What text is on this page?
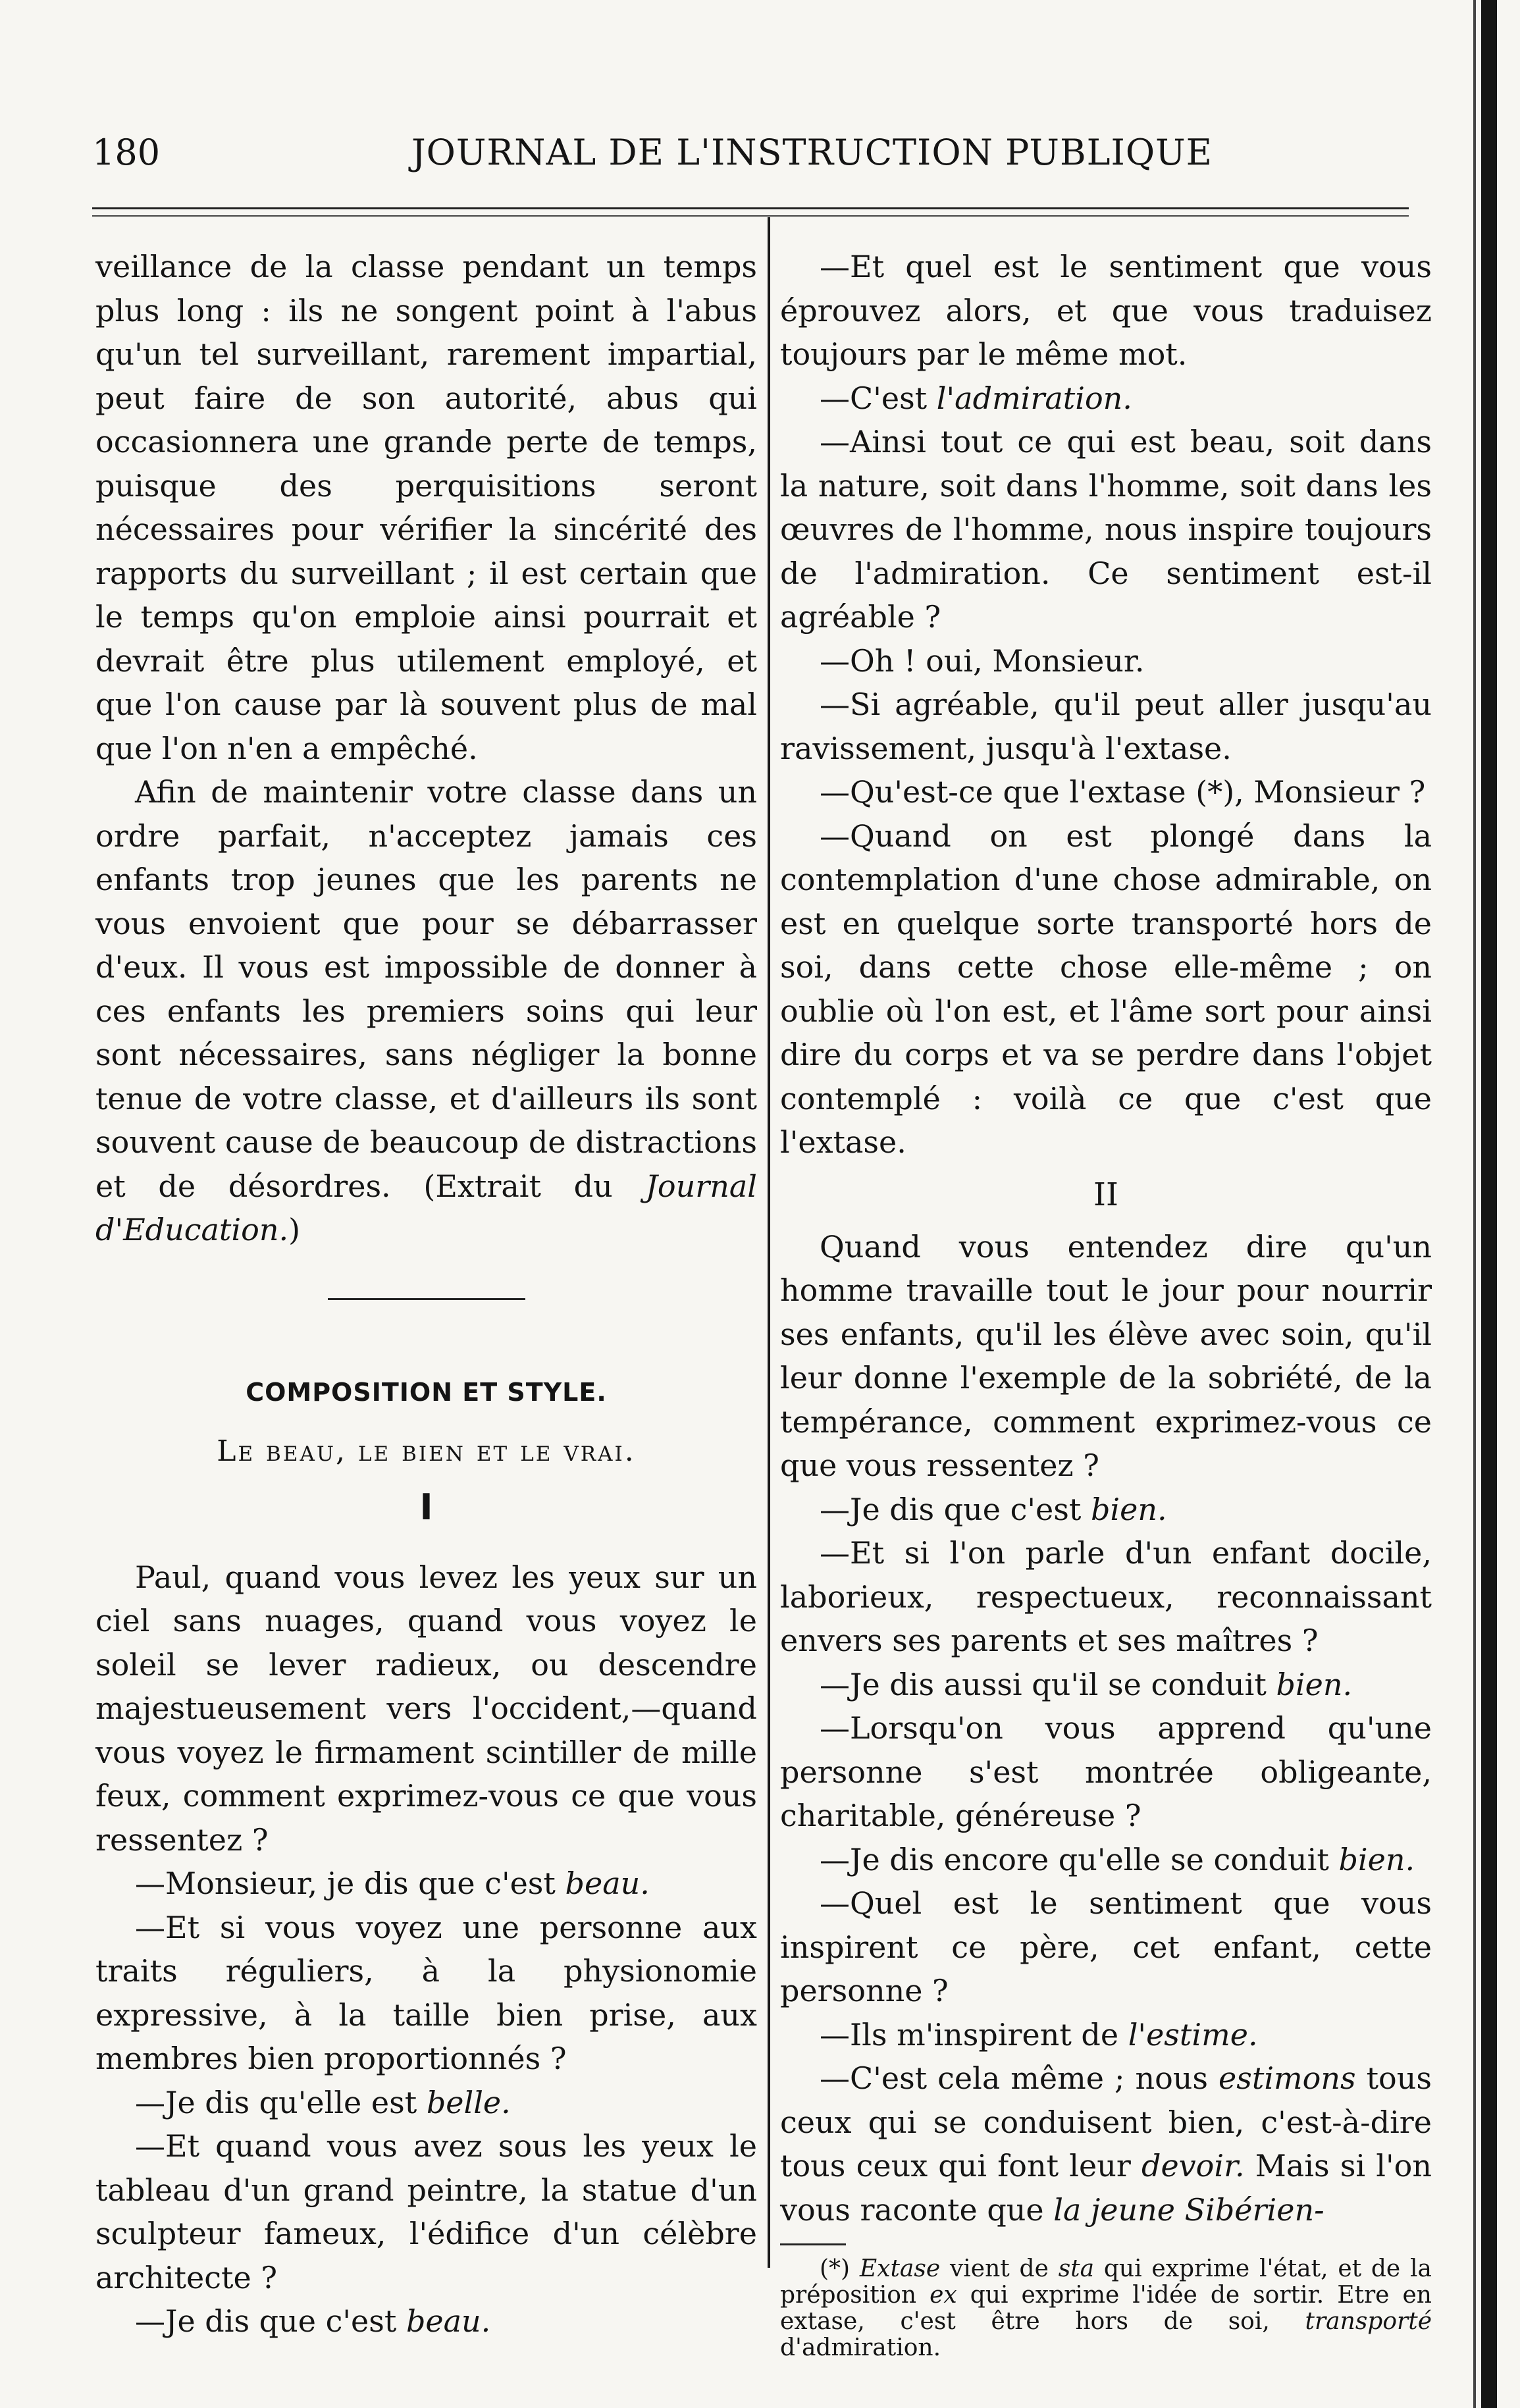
180	JOURNAL DE L'INSTRUCTION PUBLIQUE

veillance de la classe pendant un temps plus long : ils ne songent point à l'abus qu'un tel surveillant, rarement impartial, peut faire de son autorité, abus qui occasionnera une grande perte de temps, puisque des perquisitions seront nécessaires pour vérifier la sincérité des rapports du surveillant ; il est certain que le temps qu'on emploie ainsi pourrait et devrait être plus utilement employé, et que l'on cause par là souvent plus de mal que l'on n'en a empêché.

Afin de maintenir votre classe dans un ordre parfait, n'acceptez jamais ces enfants trop jeunes que les parents ne vous envoient que pour se débarrasser d'eux. Il vous est impossible de donner à ces enfants les premiers soins qui leur sont nécessaires, sans négliger la bonne tenue de votre classe, et d'ailleurs ils sont souvent cause de beaucoup de distractions et de désordres. (Extrait du Journal d'Education.)

COMPOSITION ET STYLE.
Le beau, le bien et le vrai.
I

Paul, quand vous levez les yeux sur un ciel sans nuages, quand vous voyez le soleil se lever radieux, ou descendre majestueusement vers l'occident,—quand vous voyez le firmament scintiller de mille feux, comment exprimez-vous ce que vous ressentez ?

—Monsieur, je dis que c'est beau.

—Et si vous voyez une personne aux traits réguliers, à la physionomie expressive, à la taille bien prise, aux membres bien proportionnés ?

—Je dis qu'elle est belle.

—Et quand vous avez sous les yeux le tableau d'un grand peintre, la statue d'un sculpteur fameux, l'édifice d'un célèbre architecte ?

—Je dis que c'est beau.

—Et quel est le sentiment que vous éprouvez alors, et que vous traduisez toujours par le même mot.

—C'est l'admiration.

—Ainsi tout ce qui est beau, soit dans la nature, soit dans l'homme, soit dans les œuvres de l'homme, nous inspire toujours de l'admiration. Ce sentiment est-il agréable ?

—Oh ! oui, Monsieur.

—Si agréable, qu'il peut aller jusqu'au ravissement, jusqu'à l'extase.

—Qu'est-ce que l'extase (*), Monsieur ?

—Quand on est plongé dans la contemplation d'une chose admirable, on est en quelque sorte transporté hors de soi, dans cette chose elle-même ; on oublie où l'on est, et l'âme sort pour ainsi dire du corps et va se perdre dans l'objet contemplé : voilà ce que c'est que l'extase.

II

Quand vous entendez dire qu'un homme travaille tout le jour pour nourrir ses enfants, qu'il les élève avec soin, qu'il leur donne l'exemple de la sobriété, de la tempérance, comment exprimez-vous ce que vous ressentez ?

—Je dis que c'est bien.

—Et si l'on parle d'un enfant docile, laborieux, respectueux, reconnaissant envers ses parents et ses maîtres ?

—Je dis aussi qu'il se conduit bien.

—Lorsqu'on vous apprend qu'une personne s'est montrée obligeante, charitable, généreuse ?

—Je dis encore qu'elle se conduit bien.

—Quel est le sentiment que vous inspirent ce père, cet enfant, cette personne ?

—Ils m'inspirent de l'estime.

—C'est cela même ; nous estimons tous ceux qui se conduisent bien, c'est-à-dire tous ceux qui font leur devoir. Mais si l'on vous raconte que la jeune Sibérien-

(*) Extase vient de sta qui exprime l'état, et de la préposition ex qui exprime l'idée de sortir. Etre en extase, c'est être hors de soi, transporté d'admiration.
